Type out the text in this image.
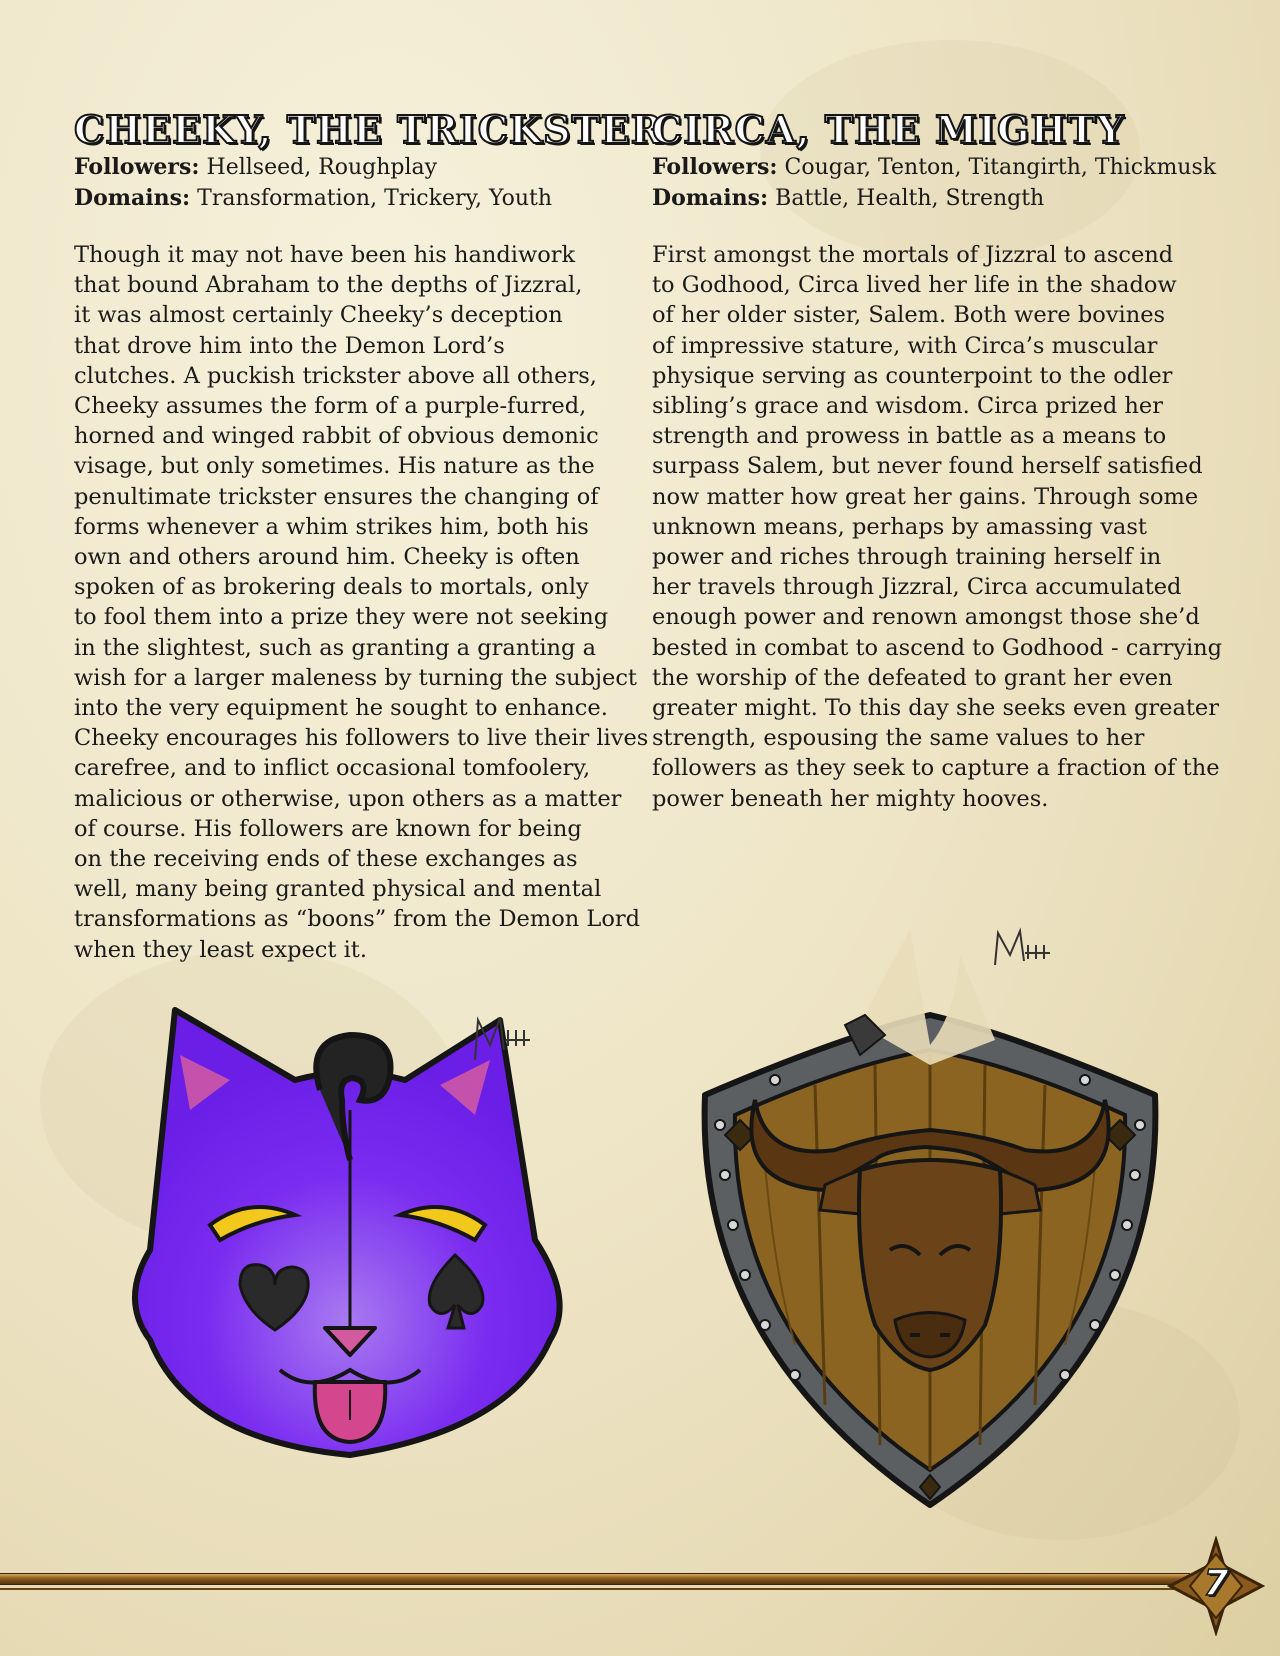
CHEEKY, THE TRICKSTER

Followers: Hellseed, Roughplay

Domains: Transformation, Trickery, Youth

Though it may not have been his handiwork
that bound Abraham to the depths of Jizzral,
it was almost certainly Cheeky’s deception
that drove him into the Demon Lord’s
clutches. A puckish trickster above all others,
Cheeky assumes the form of a purple-furred,
horned and winged rabbit of obvious demonic
visage, but only sometimes. His nature as the
penultimate trickster ensures the changing of
forms whenever a whim strikes him, both his
own and others around him. Cheeky is often
spoken of as brokering deals to mortals, only
to fool them into a prize they were not seeking
in the slightest, such as granting a granting a
wish for a larger maleness by turning the subject
into the very equipment he sought to enhance.
Cheeky encourages his followers to live their lives
carefree, and to inflict occasional tomfoolery,
malicious or otherwise, upon others as a matter
of course. His followers are known for being
on the receiving ends of these exchanges as
well, many being granted physical and mental
transformations as “boons” from the Demon Lord
when they least expect it.
CIRCA, THE MIGHTY

Followers: Cougar, Tenton, Titangirth, Thickmusk

Domains: Battle, Health, Strength

First amongst the mortals of Jizzral to ascend
to Godhood, Circa lived her life in the shadow
of her older sister, Salem. Both were bovines
of impressive stature, with Circa’s muscular
physique serving as counterpoint to the odler
sibling’s grace and wisdom. Circa prized her
strength and prowess in battle as a means to
surpass Salem, but never found herself satisfied
now matter how great her gains. Through some
unknown means, perhaps by amassing vast
power and riches through training herself in
her travels through Jizzral, Circa accumulated
enough power and renown amongst those she’d
bested in combat to ascend to Godhood - carrying
the worship of the defeated to grant her even
greater might. To this day she seeks even greater
strength, espousing the same values to her
followers as they seek to capture a fraction of the
power beneath her mighty hooves.
7
